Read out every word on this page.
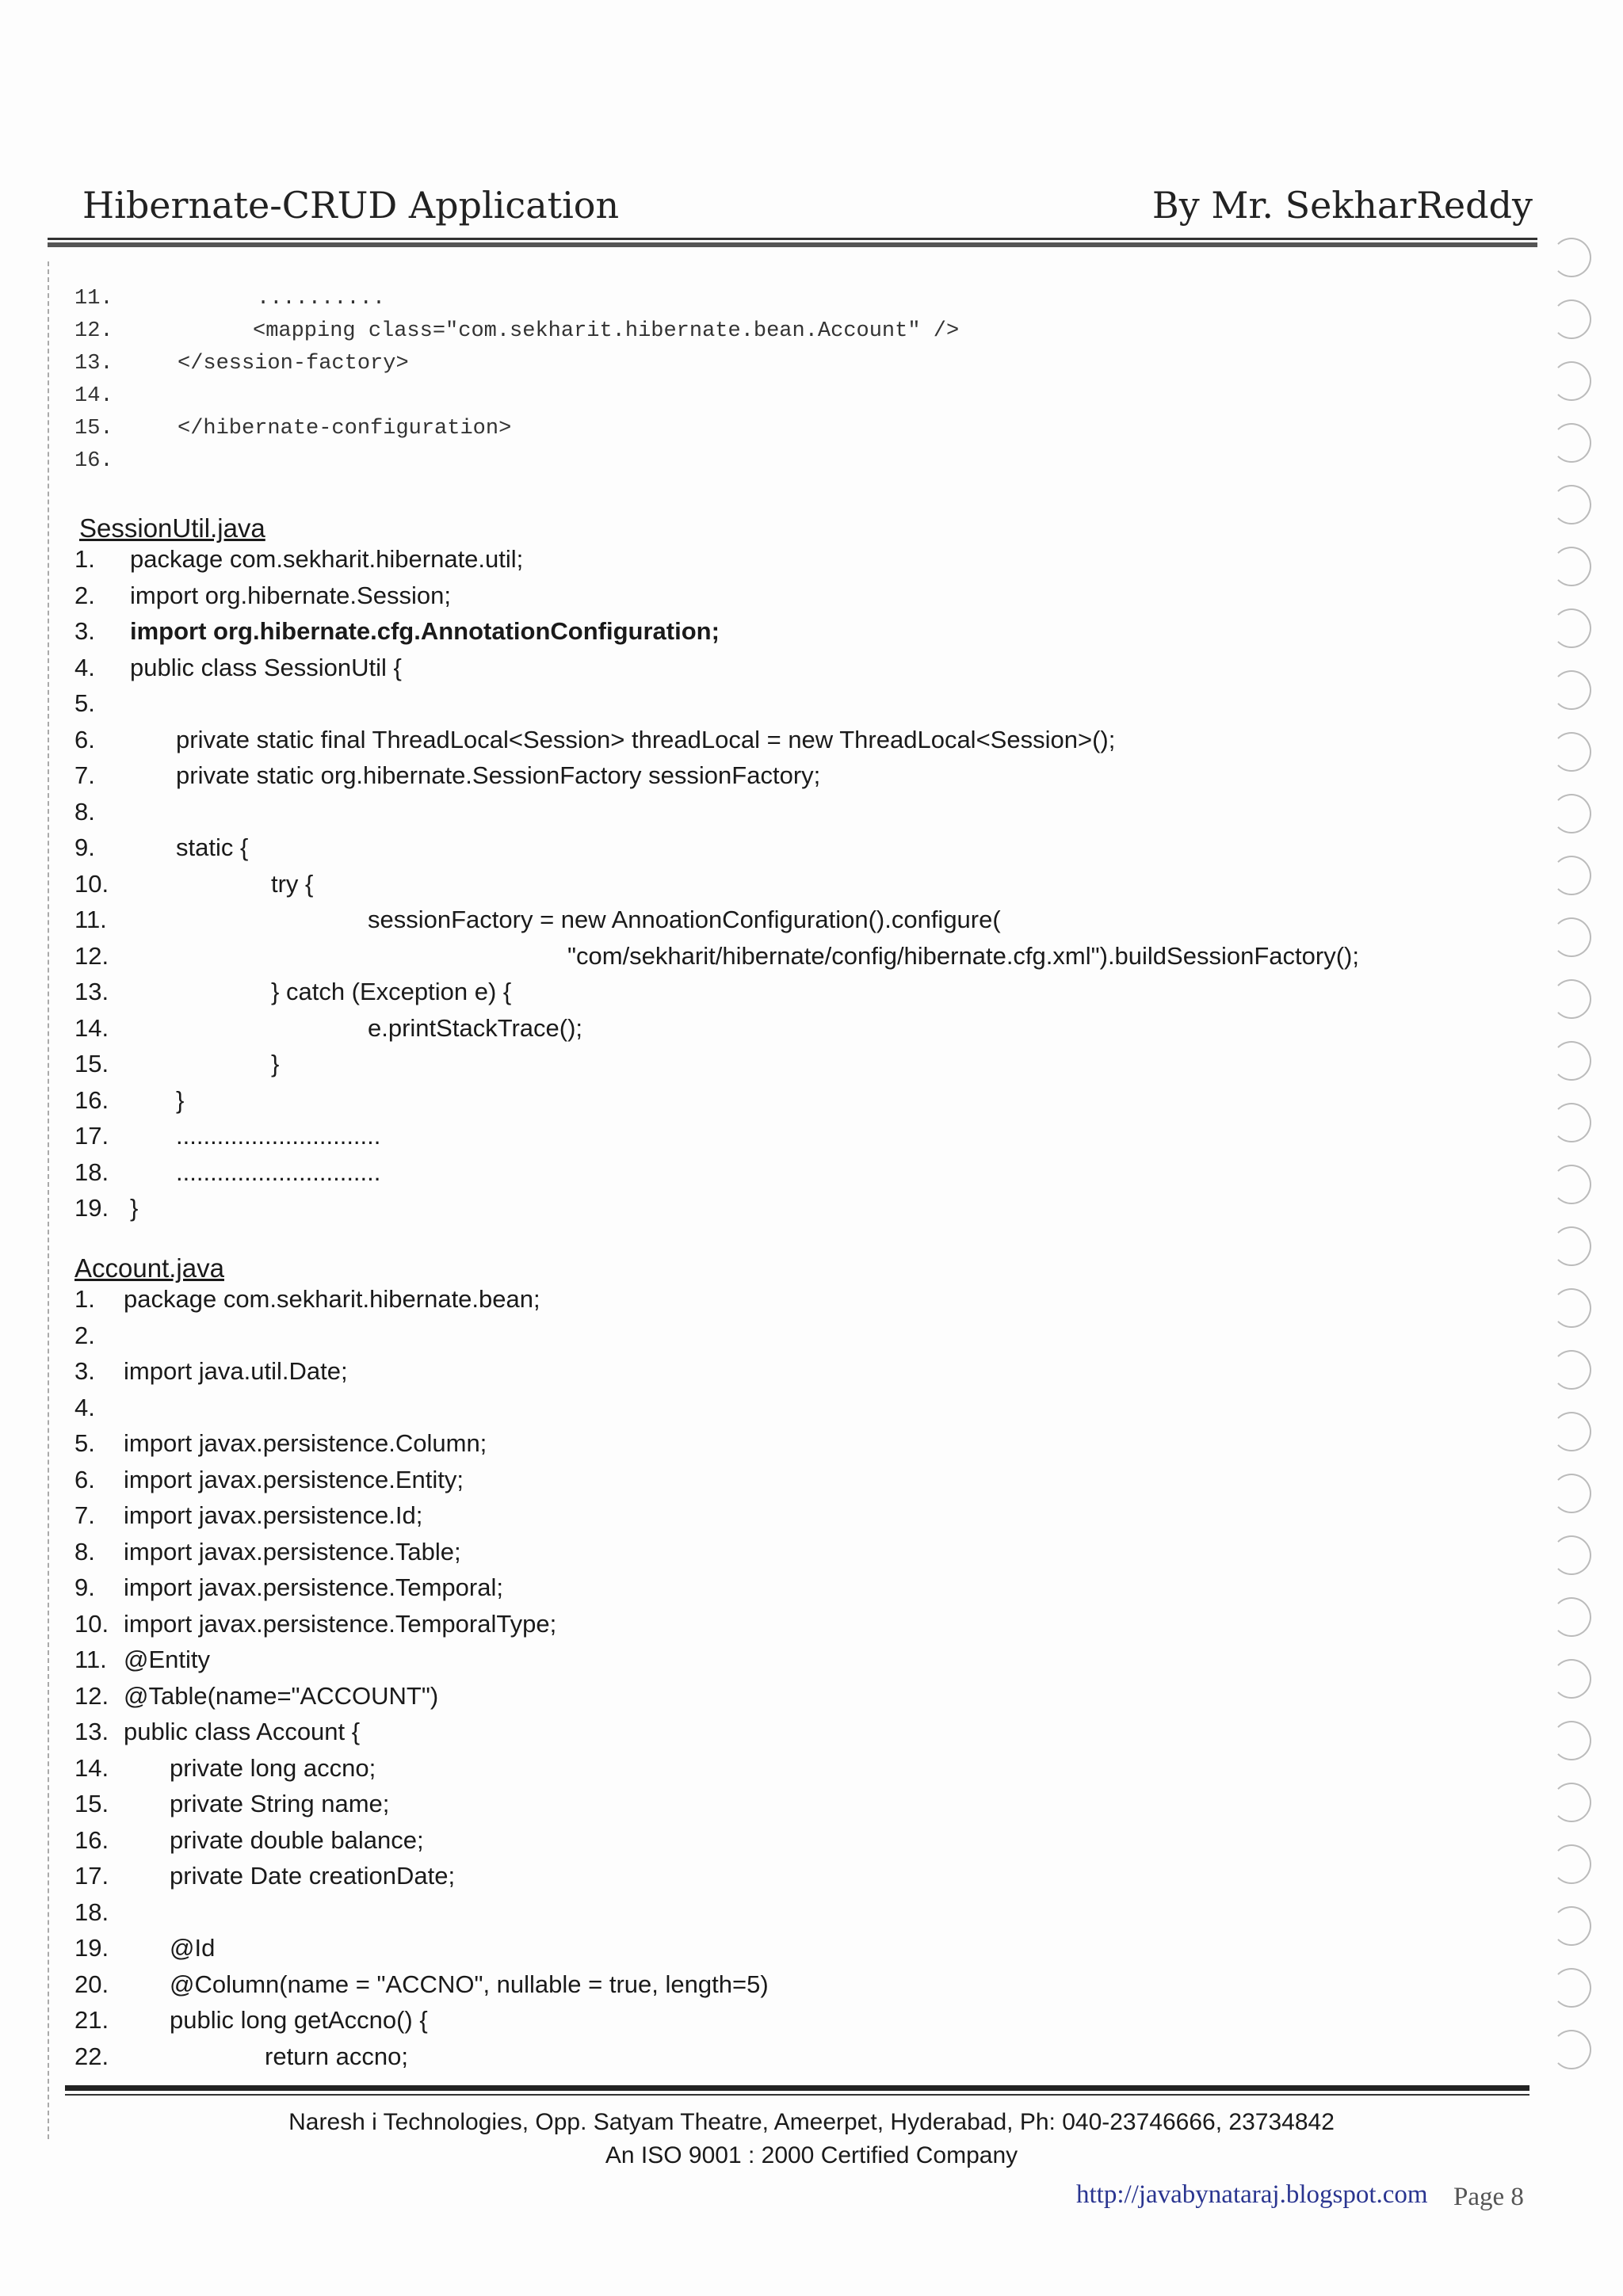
Hibernate-CRUD Application	By Mr. SekharReddy
11.	..........
12.	<mapping class="com.sekharit.hibernate.bean.Account" />
13.	</session-factory>
14.
15.	</hibernate-configuration>
16.
SessionUtil.java
1.	package com.sekharit.hibernate.util;
2.	import org.hibernate.Session;
3.	import org.hibernate.cfg.AnnotationConfiguration;
4.	public class SessionUtil {
5.
6.	private static final ThreadLocal<Session> threadLocal = new ThreadLocal<Session>();
7.	private static org.hibernate.SessionFactory sessionFactory;
8.
9.	static {
10.	try {
11.	sessionFactory = new AnnoationConfiguration().configure(
12.	"com/sekharit/hibernate/config/hibernate.cfg.xml").buildSessionFactory();
13.	} catch (Exception e) {
14.	e.printStackTrace();
15.	}
16.	}
17.	..............................
18.	..............................
19. }
Account.java
1.	package com.sekharit.hibernate.bean;
2.
3.	import java.util.Date;
4.
5.	import javax.persistence.Column;
6.	import javax.persistence.Entity;
7.	import javax.persistence.Id;
8.	import javax.persistence.Table;
9.	import javax.persistence.Temporal;
10. import javax.persistence.TemporalType;
11. @Entity
12. @Table(name="ACCOUNT")
13. public class Account {
14.	private long accno;
15.	private String name;
16.	private double balance;
17.	private Date creationDate;
18.
19.	@Id
20.	@Column(name = "ACCNO", nullable = true, length=5)
21.	public long getAccno() {
22.	return accno;
Naresh i Technologies, Opp. Satyam Theatre, Ameerpet, Hyderabad, Ph: 040-23746666, 23734842
An ISO 9001 : 2000 Certified Company
http://javabynataraj.blogspot.com Page 8
